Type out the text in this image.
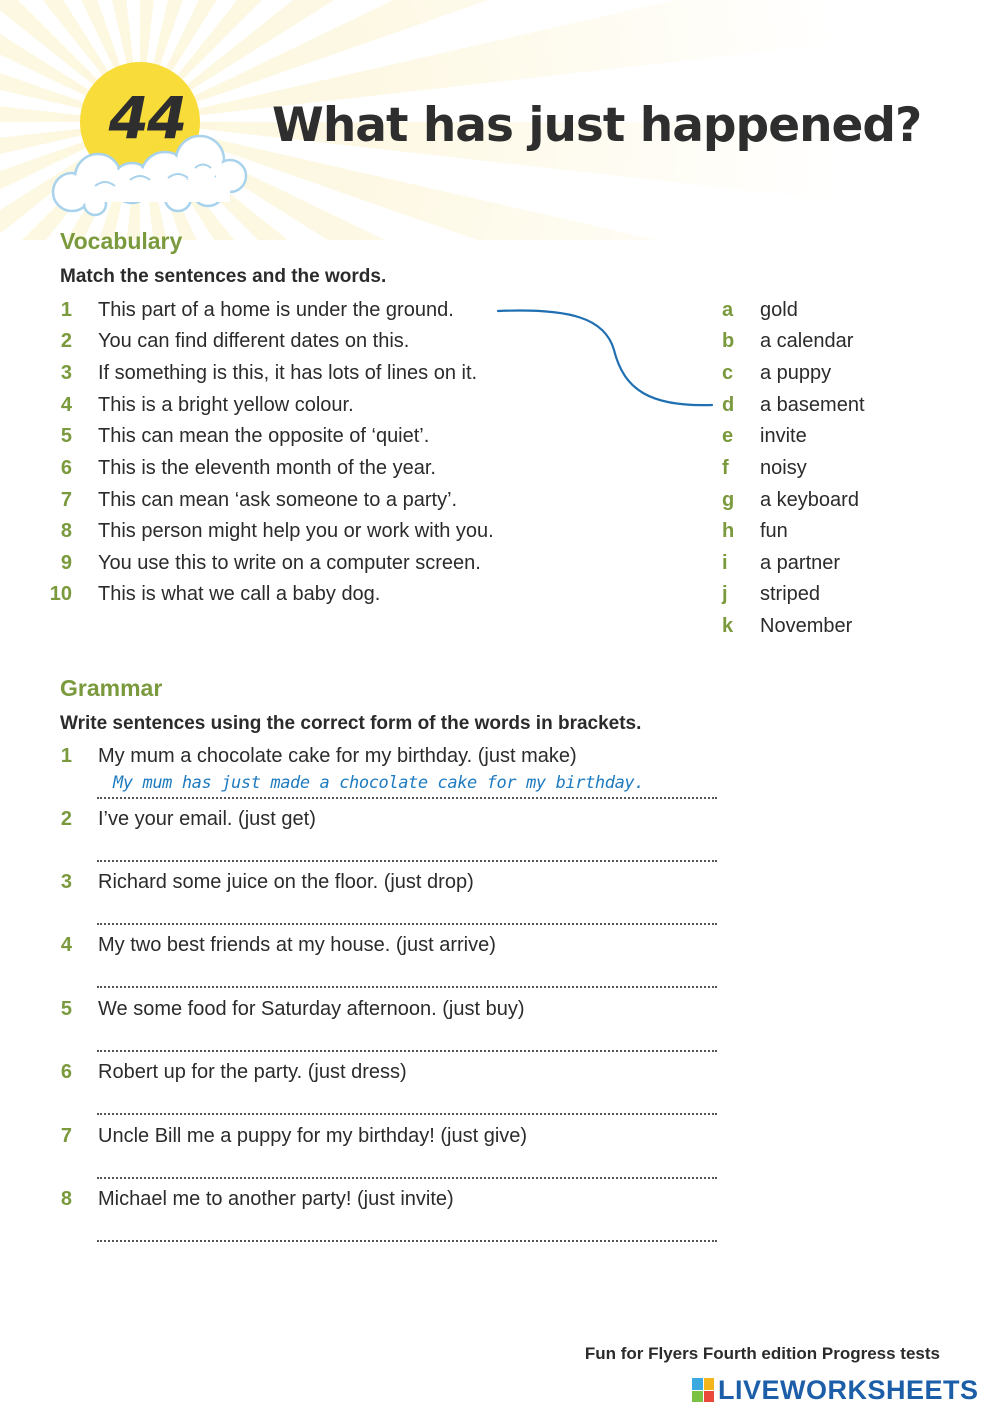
44	What has just happened?
Vocabulary
Match the sentences and the words.
1 This part of a home is under the ground.
2 You can find different dates on this.
3 If something is this, it has lots of lines on it.
4 This is a bright yellow colour.
5 This can mean the opposite of ‘quiet’.
6 This is the eleventh month of the year.
7 This can mean ‘ask someone to a party’.
8 This person might help you or work with you.
9 You use this to write on a computer screen.
10 This is what we call a baby dog.
a gold
b a calendar
c a puppy
d a basement
e invite
f noisy
g a keyboard
h fun
i a partner
j striped
k November
Grammar
Write sentences using the correct form of the words in brackets.
1 My mum a chocolate cake for my birthday. (just make)
My mum has just made a chocolate cake for my birthday.
2 I’ve your email. (just get)
3 Richard some juice on the floor. (just drop)
4 My two best friends at my house. (just arrive)
5 We some food for Saturday afternoon. (just buy)
6 Robert up for the party. (just dress)
7 Uncle Bill me a puppy for my birthday! (just give)
8 Michael me to another party! (just invite)
Fun for Flyers Fourth edition Progress tests
LIVEWORKSHEETS
